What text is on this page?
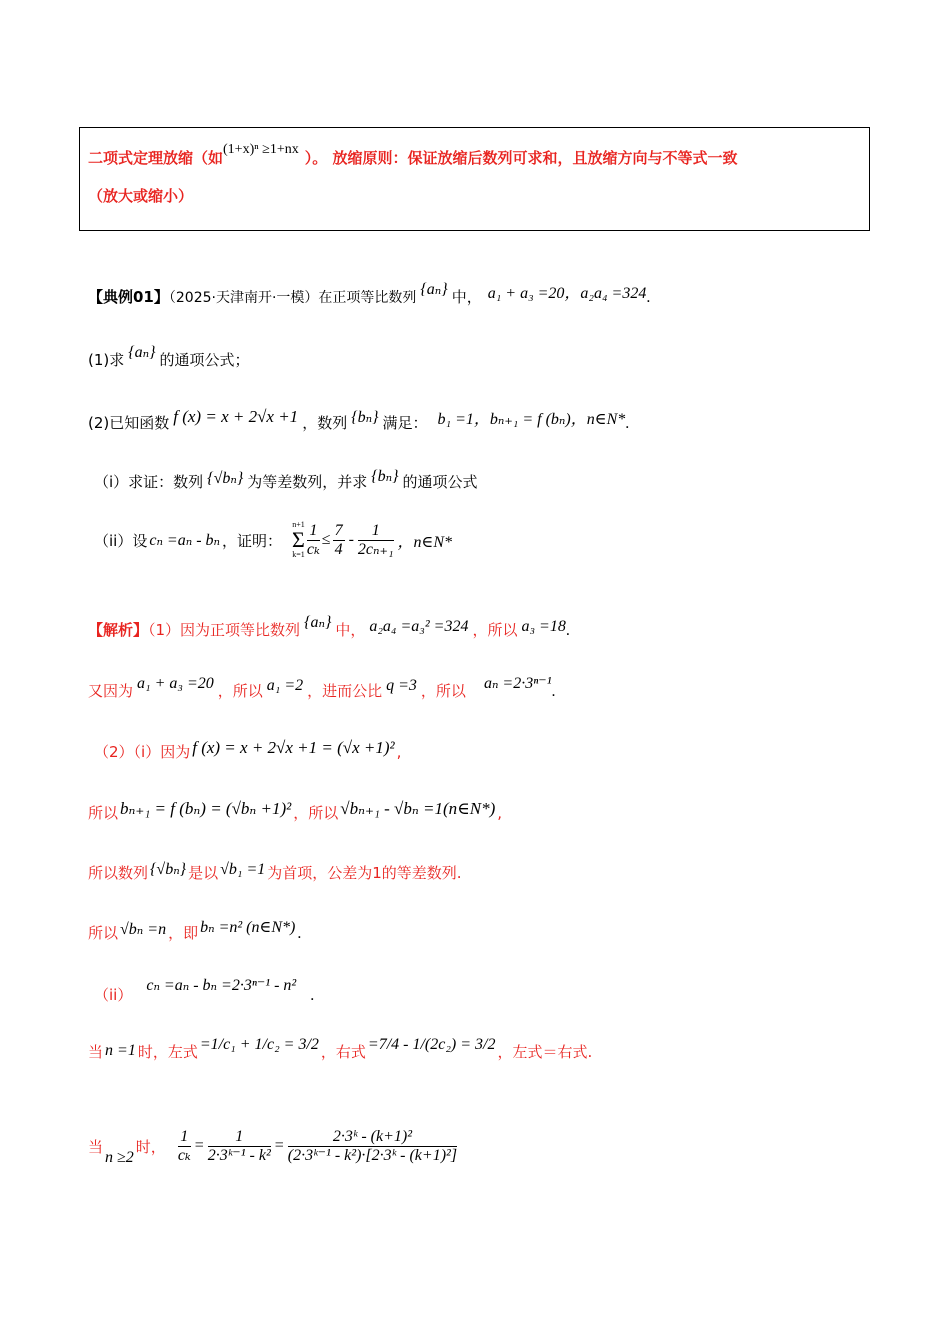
二项式定理放缩（如(1+x)ⁿ ≥1+nx ）。 放缩原则：保证放缩后数列可求和，且放缩方向与不等式一致
（放大或缩小）
【典例01】（2025·天津南开·一模）在正项等比数列 {aₙ} 中， a₁ + a₃ =20，a₂a₄ =324.
(1)求 {aₙ} 的通项公式；
(2)已知函数 f (x) = x + 2√x +1 ，数列 {bₙ} 满足： b₁ =1，bₙ₊₁ = f (bₙ)，n∈N*.
（i）求证：数列 {√bₙ} 为等差数列，并求 {bₙ} 的通项公式
（ii）设 cₙ =aₙ - bₙ ，证明：
n+1
Σ
$k=1 \frac{1}{\text{cₖ}} \le \frac{7}{4} - \frac{1}{\text{2cₙ₊₁}}$ ，n∈N*
【解析】（1）因为正项等比数列 {aₙ} 中， a₂a₄ =a₃² =324 ，所以 a₃ =18.
又因为 a₁ + a₃ =20 ，所以 a₁ =2 ，进而公比 q =3 ，所以 aₙ =2·3ⁿ⁻¹.
（2）（i）因为 f (x) = x + 2√x +1 = (√x +1)² ,
所以 bₙ₊₁ = f (bₙ) = (√bₙ +1)² ，所以 √bₙ₊₁ - √bₙ =1(n∈N*) ,
所以数列 {√bₙ} 是以 √b₁ =1 为首项，公差为1的等差数列.
所以 √bₙ =n ，即 bₙ =n² (n∈N*) .
（ii）cₙ =aₙ - bₙ =2·3ⁿ⁻¹ - n².
当 n =1 时，左式 =1/c₁ + 1/c₂ = 3/2 ，右式 =7/4 - 1/(2c₂) = 3/2 ，左式＝右式.
当
n ≥2
时， $\frac{1}{\text{cₖ}} = \frac{1}{\text{2·3ᵏ⁻¹ - k²}} = \frac{\text{2·3ᵏ - (k+1)²}}{\text{(2·3ᵏ⁻¹ - k²)·[2·3ᵏ - (k+1)²]}}$
